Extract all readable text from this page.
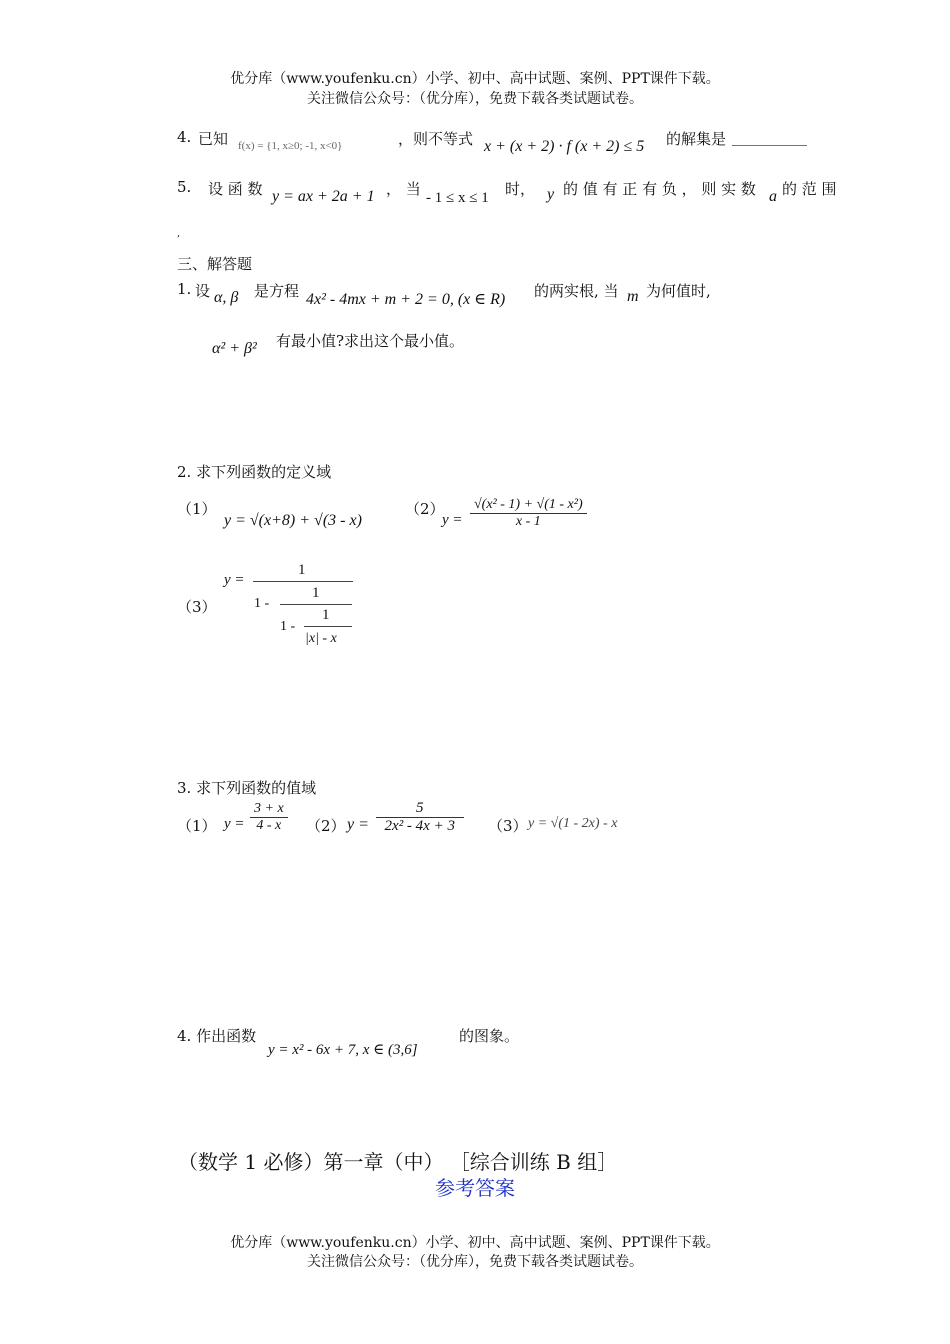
优分库（www.youfenku.cn）小学、初中、高中试题、案例、PPT课件下载。
关注微信公众号：（优分库），免费下载各类试题试卷。
4. 已知 f(x) = {1, x≥0; -1, x<0}	，则不等式 x + (x + 2) · f (x + 2) ≤ 5 的解集是 __________
5. 设 函 数 y = ax + 2a + 1 ， 当 - 1 ≤ x ≤ 1 时， y 的 值 有 正 有 负 ， 则 实 数 a 的 范 围
,
三、解答题
1. 设 α, β 是方程 4x² - 4mx + m + 2 = 0, (x ∈ R) 的两实根, 当 m 为何值时,
α² + β² 有最小值?求出这个最小值。
2. 求下列函数的定义域
（1）
y = √(x+8) + √(3 - x)
（2）
$y = \frac{\text{√(x² - 1) + √(1 - x²)}}{x - 1}$
（3）
y =
1
1 -
1
1 -
1
|x| - x
3. 求下列函数的值域
（1） $y = \frac{3 + x}{4 - x} (2) y = \frac{5}{\text{2x² - 4x + 3}} (3) y = √(1 - 2x) - x$
4. 作出函数
y = x² - 6x + 7, x ∈ (3,6]
的图象。
（数学 1 必修）第一章（中） ［综合训练 B 组］
参考答案
优分库（www.youfenku.cn）小学、初中、高中试题、案例、PPT课件下载。
关注微信公众号：（优分库），免费下载各类试题试卷。
